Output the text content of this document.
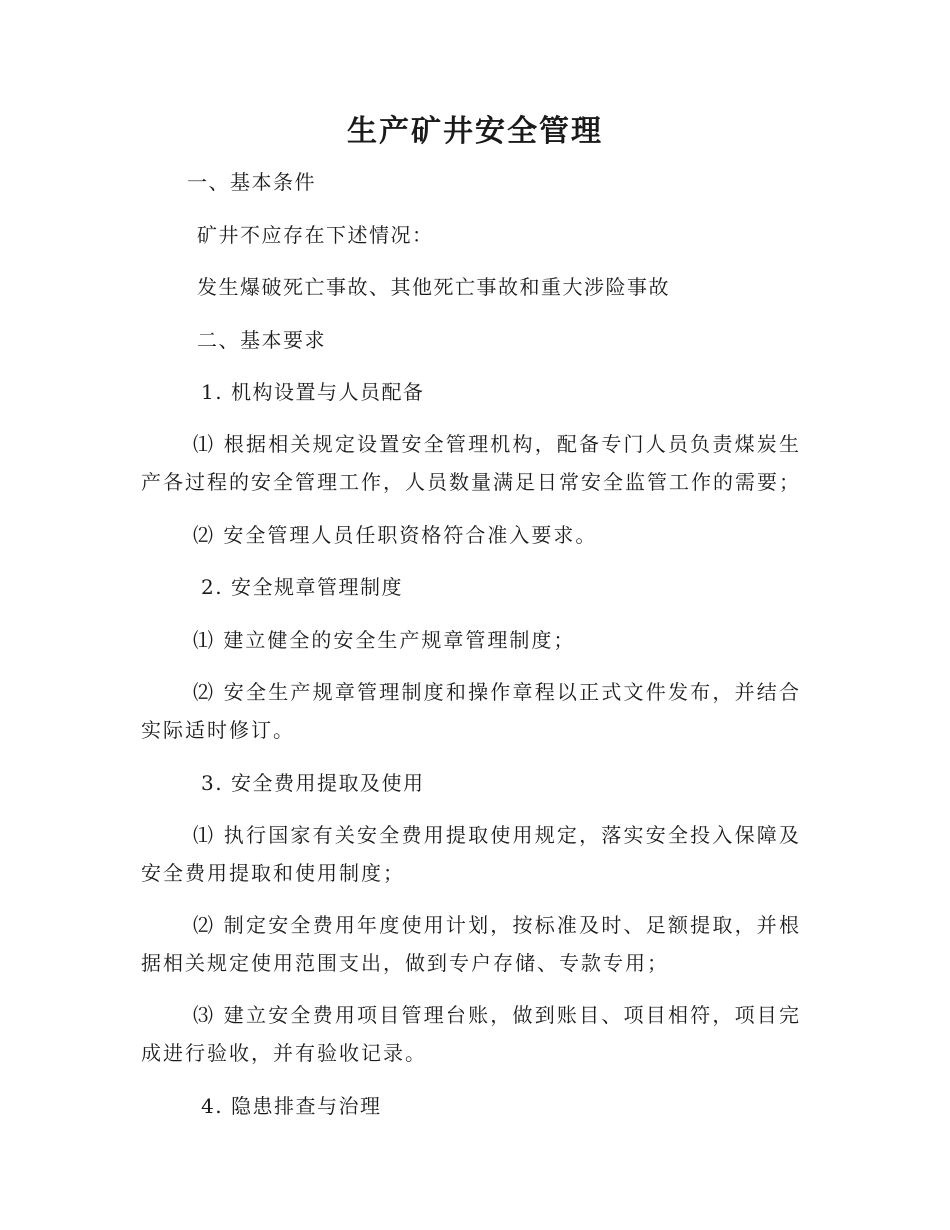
生产矿井安全管理
一、基本条件
矿井不应存在下述情况：
发生爆破死亡事故、其他死亡事故和重大涉险事故
二、基本要求
1. 机构设置与人员配备
⑴ 根据相关规定设置安全管理机构，配备专门人员负责煤炭生产各过程的安全管理工作，人员数量满足日常安全监管工作的需要；
⑵ 安全管理人员任职资格符合准入要求。
2. 安全规章管理制度
⑴ 建立健全的安全生产规章管理制度；
⑵ 安全生产规章管理制度和操作章程以正式文件发布，并结合实际适时修订。
3. 安全费用提取及使用
⑴ 执行国家有关安全费用提取使用规定，落实安全投入保障及安全费用提取和使用制度；
⑵ 制定安全费用年度使用计划，按标准及时、足额提取，并根据相关规定使用范围支出，做到专户存储、专款专用；
⑶ 建立安全费用项目管理台账，做到账目、项目相符，项目完成进行验收，并有验收记录。
4. 隐患排查与治理
